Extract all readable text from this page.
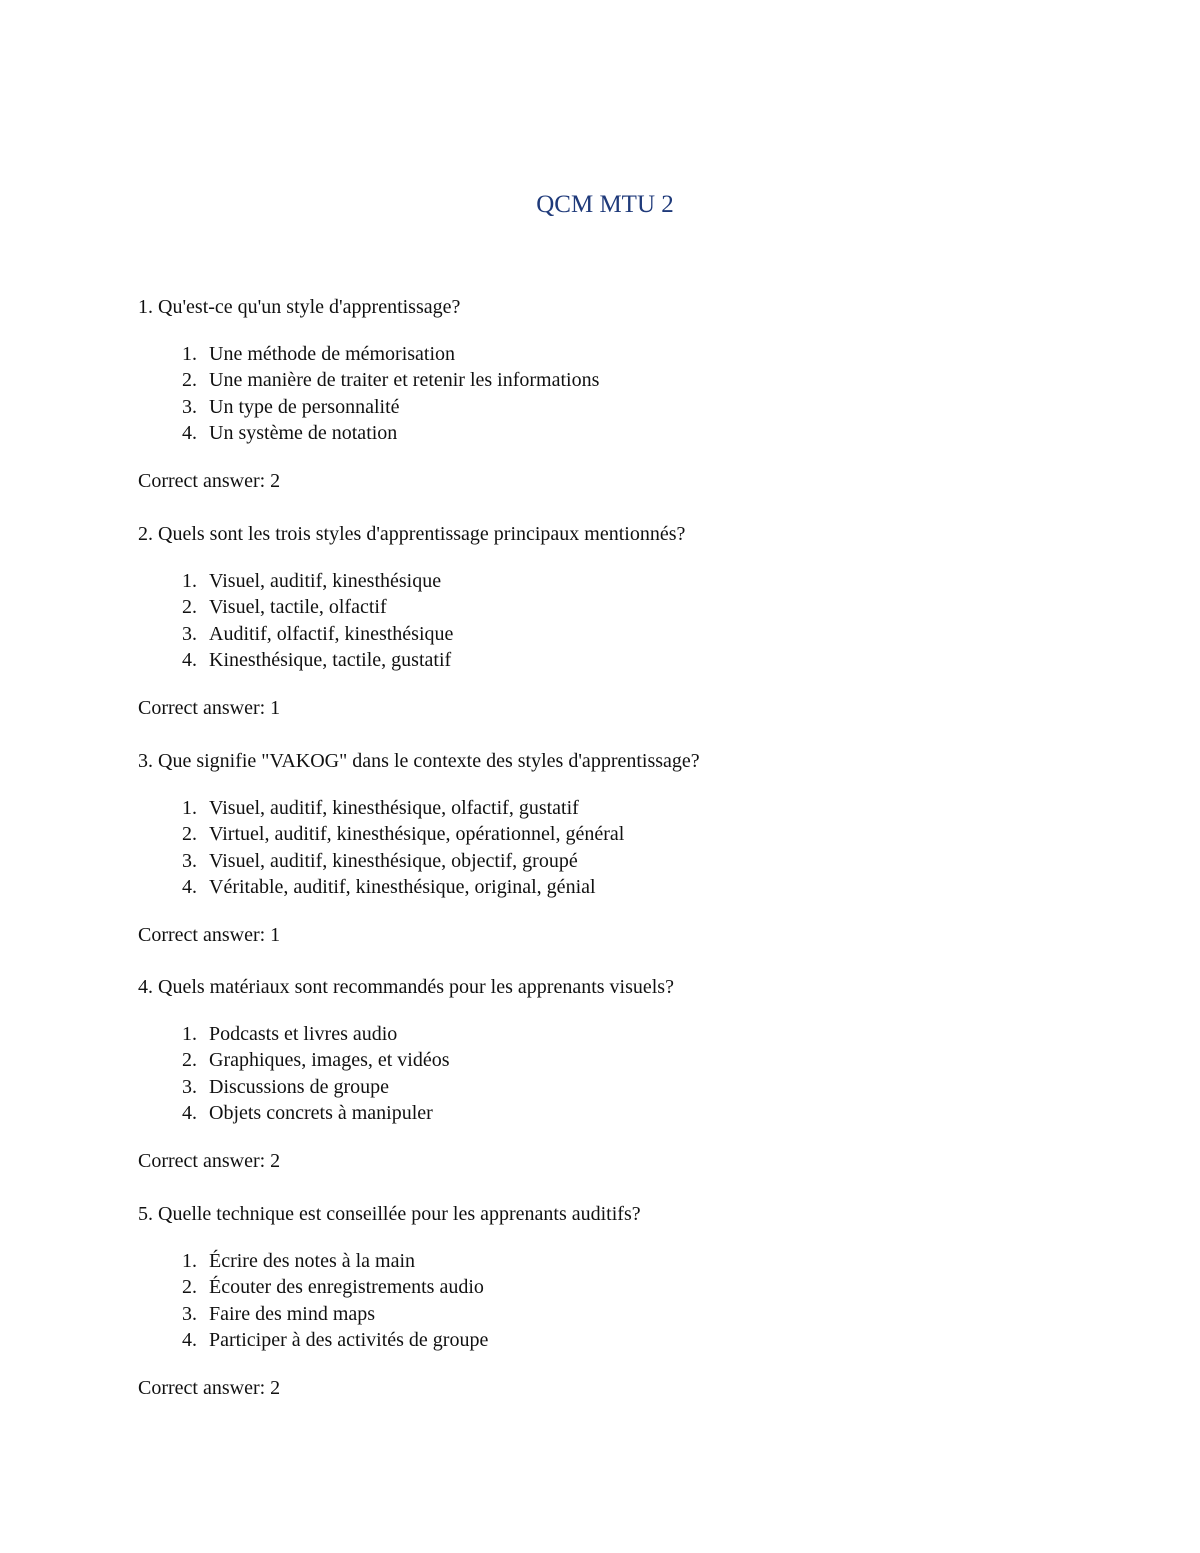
QCM MTU 2

1. Qu'est-ce qu'un style d'apprentissage?

1. Une méthode de mémorisation
2. Une manière de traiter et retenir les informations
3. Un type de personnalité
4. Un système de notation

Correct answer: 2

2. Quels sont les trois styles d'apprentissage principaux mentionnés?

1. Visuel, auditif, kinesthésique
2. Visuel, tactile, olfactif
3. Auditif, olfactif, kinesthésique
4. Kinesthésique, tactile, gustatif

Correct answer: 1

3. Que signifie "VAKOG" dans le contexte des styles d'apprentissage?

1. Visuel, auditif, kinesthésique, olfactif, gustatif
2. Virtuel, auditif, kinesthésique, opérationnel, général
3. Visuel, auditif, kinesthésique, objectif, groupé
4. Véritable, auditif, kinesthésique, original, génial

Correct answer: 1

4. Quels matériaux sont recommandés pour les apprenants visuels?

1. Podcasts et livres audio
2. Graphiques, images, et vidéos
3. Discussions de groupe
4. Objets concrets à manipuler

Correct answer: 2

5. Quelle technique est conseillée pour les apprenants auditifs?

1. Écrire des notes à la main
2. Écouter des enregistrements audio
3. Faire des mind maps
4. Participer à des activités de groupe

Correct answer: 2
